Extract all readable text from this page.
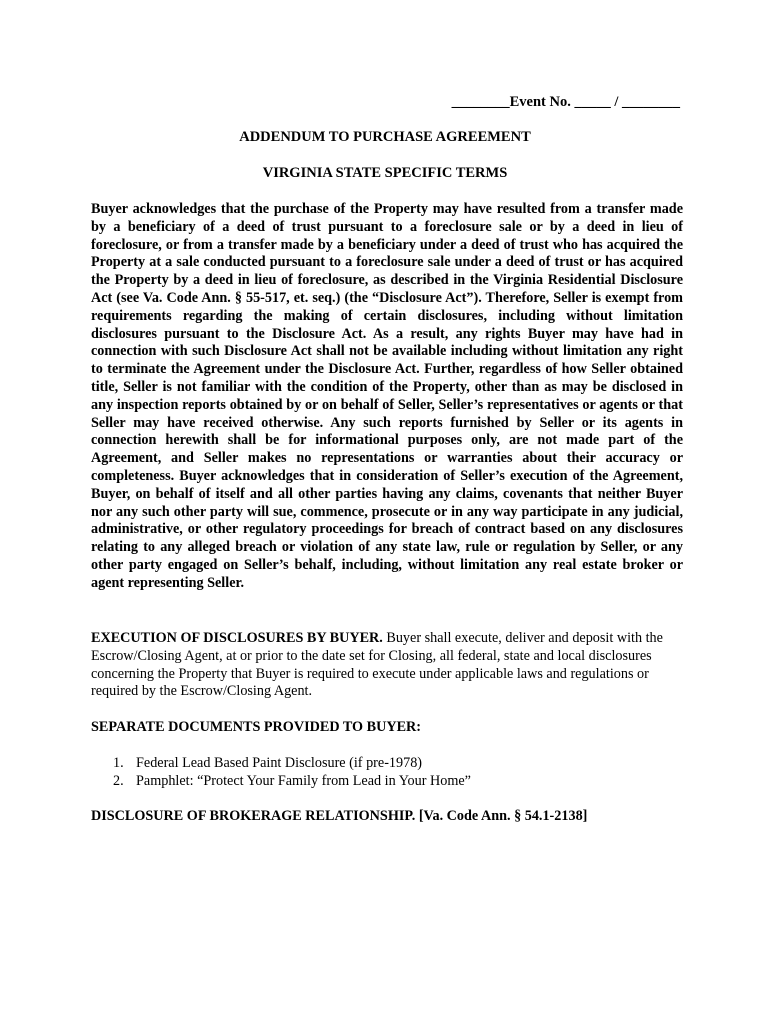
________Event No. _____ / ________
ADDENDUM TO PURCHASE AGREEMENT
VIRGINIA STATE SPECIFIC TERMS
Buyer acknowledges that the purchase of the Property may have resulted from a transfer made by a beneficiary of a deed of trust pursuant to a foreclosure sale or by a deed in lieu of foreclosure, or from a transfer made by a beneficiary under a deed of trust who has acquired the Property at a sale conducted pursuant to a foreclosure sale under a deed of trust or has acquired the Property by a deed in lieu of foreclosure, as described in the Virginia Residential Disclosure Act (see Va. Code Ann. § 55-517, et. seq.) (the “Disclosure Act”). Therefore, Seller is exempt from requirements regarding the making of certain disclosures, including without limitation disclosures pursuant to the Disclosure Act. As a result, any rights Buyer may have had in connection with such Disclosure Act shall not be available including without limitation any right to terminate the Agreement under the Disclosure Act. Further, regardless of how Seller obtained title, Seller is not familiar with the condition of the Property, other than as may be disclosed in any inspection reports obtained by or on behalf of Seller, Seller’s representatives or agents or that Seller may have received otherwise. Any such reports furnished by Seller or its agents in connection herewith shall be for informational purposes only, are not made part of the Agreement, and Seller makes no representations or warranties about their accuracy or completeness. Buyer acknowledges that in consideration of Seller’s execution of the Agreement, Buyer, on behalf of itself and all other parties having any claims, covenants that neither Buyer nor any such other party will sue, commence, prosecute or in any way participate in any judicial, administrative, or other regulatory proceedings for breach of contract based on any disclosures relating to any alleged breach or violation of any state law, rule or regulation by Seller, or any other party engaged on Seller’s behalf, including, without limitation any real estate broker or agent representing Seller.
EXECUTION OF DISCLOSURES BY BUYER. Buyer shall execute, deliver and deposit with the Escrow/Closing Agent, at or prior to the date set for Closing, all federal, state and local disclosures concerning the Property that Buyer is required to execute under applicable laws and regulations or required by the Escrow/Closing Agent.
SEPARATE DOCUMENTS PROVIDED TO BUYER:
1. Federal Lead Based Paint Disclosure (if pre-1978)
2. Pamphlet: “Protect Your Family from Lead in Your Home”
DISCLOSURE OF BROKERAGE RELATIONSHIP. [Va. Code Ann. § 54.1-2138]
